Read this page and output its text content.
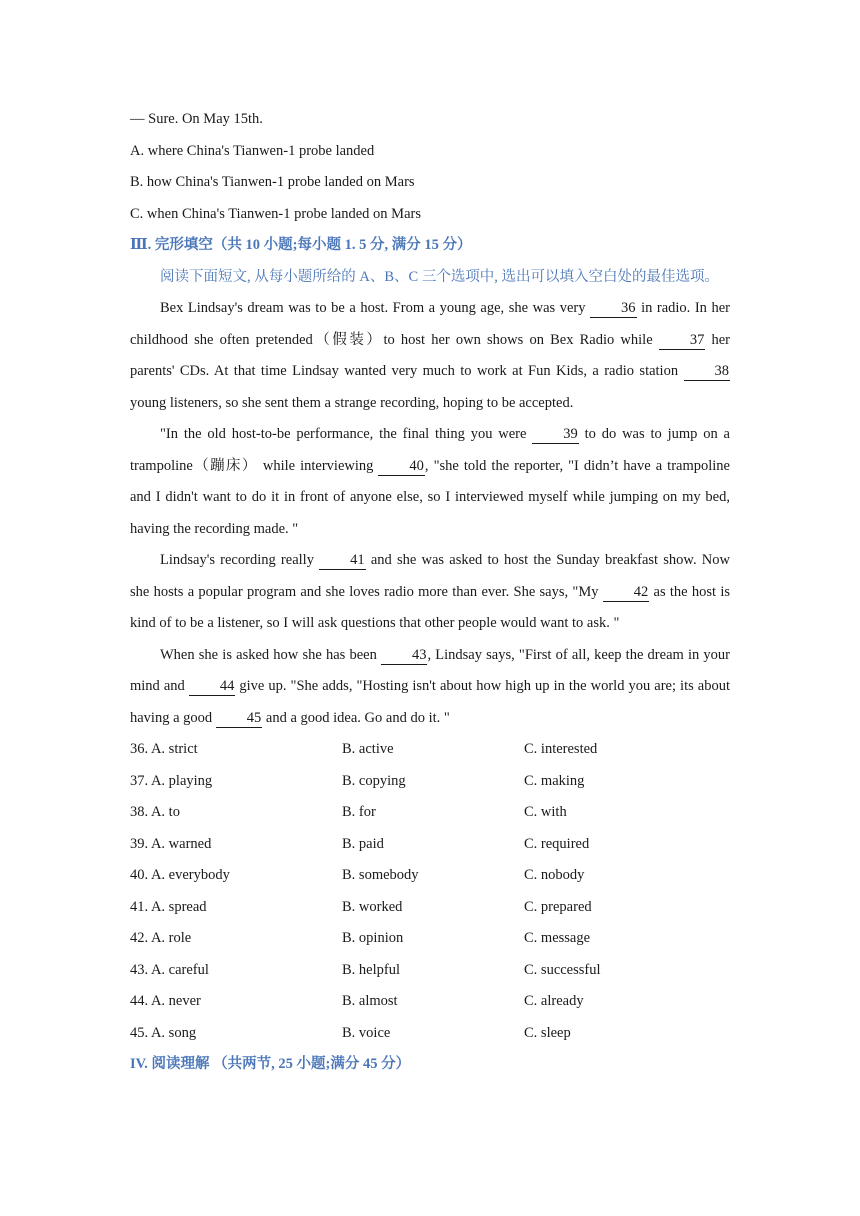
— Sure. On May 15th.
A. where China's Tianwen-1 probe landed
B. how China's Tianwen-1 probe landed on Mars
C. when China's Tianwen-1 probe landed on Mars
Ⅲ. 完形填空（共 10 小题;每小题 1. 5 分, 满分 15 分）
阅读下面短文, 从每小题所给的 A、B、C 三个选项中, 选出可以填入空白处的最佳选项。
Bex Lindsay's dream was to be a host. From a young age, she was very 36 in radio. In her childhood she often pretended（假装）to host her own shows on Bex Radio while 37 her parents' CDs. At that time Lindsay wanted very much to work at Fun Kids, a radio station 38 young listeners, so she sent them a strange recording, hoping to be accepted.
"In the old host-to-be performance, the final thing you were 39 to do was to jump on a trampoline（蹦床） while interviewing 40, "she told the reporter, "I didn’t have a trampoline and I didn't want to do it in front of anyone else, so I interviewed myself while jumping on my bed, having the recording made. "
Lindsay's recording really 41 and she was asked to host the Sunday breakfast show. Now she hosts a popular program and she loves radio more than ever. She says, "My 42 as the host is kind of to be a listener, so I will ask questions that other people would want to ask. "
When she is asked how she has been 43, Lindsay says, "First of all, keep the dream in your mind and 44 give up. "She adds, "Hosting isn't about how high up in the world you are; its about having a good 45 and a good idea. Go and do it. "
36. A. strict	B. active	C. interested
37. A. playing	B. copying	C. making
38. A. to	B. for	C. with
39. A. warned	B. paid	C. required
40. A. everybody	B. somebody	C. nobody
41. A. spread	B. worked	C. prepared
42. A. role	B. opinion	C. message
43. A. careful	B. helpful	C. successful
44. A. never	B. almost	C. already
45. A. song	B. voice	C. sleep
IV. 阅读理解 （共两节, 25 小题;满分 45 分）
